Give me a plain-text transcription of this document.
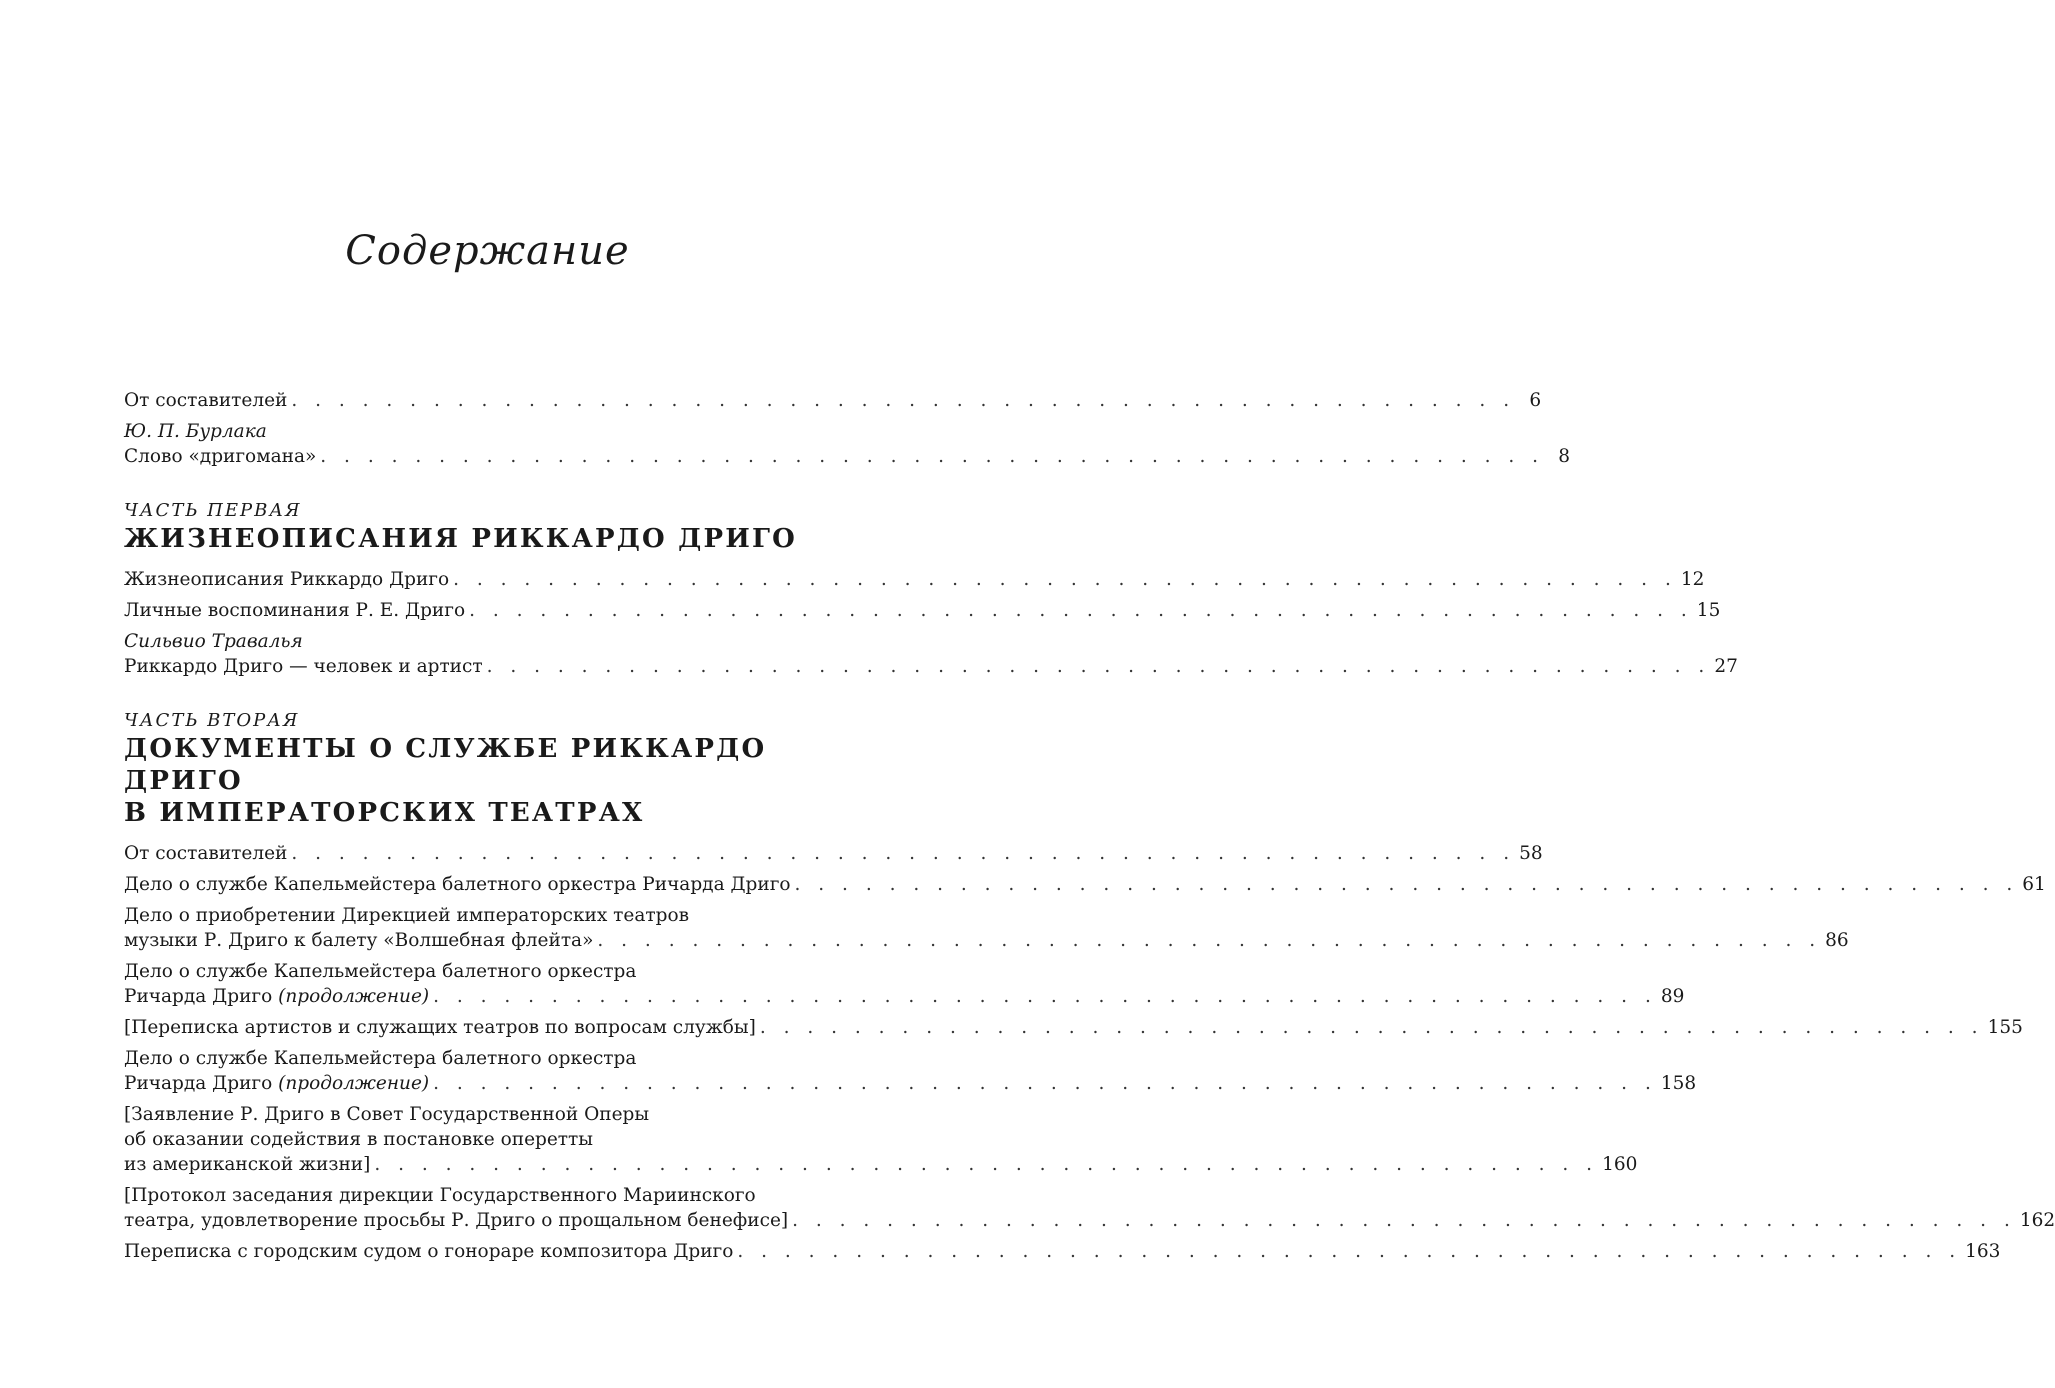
Содержание
От составителей . . . . . . . . . . . . . . . . . . . . . . . . . . . . . . . . . . . . . . . . . . . . . . . . . . . . 6
Ю. П. Бурлака
Слово «дригомана» . . . . . . . . . . . . . . . . . . . . . . . . . . . . . . . . . . . . . . . . . . . . . . . . . . . . 8
ЧАСТЬ ПЕРВАЯ
ЖИЗНЕОПИСАНИЯ РИККАРДО ДРИГО
Жизнеописания Риккардо Дриго . . . . . . . . . . . . . . . . . . . . . . . . . . . . . . . . . . . . . . . . . . . . . . . . . . . . 12
Личные воспоминания Р. Е. Дриго . . . . . . . . . . . . . . . . . . . . . . . . . . . . . . . . . . . . . . . . . . . . . . . . . . . . 15
Сильвио Травалья
Риккардо Дриго — человек и артист . . . . . . . . . . . . . . . . . . . . . . . . . . . . . . . . . . . . . . . . . . . . . . . . . . . . 27
ЧАСТЬ ВТОРАЯ
ДОКУМЕНТЫ О СЛУЖБЕ РИККАРДО ДРИГО
В ИМПЕРАТОРСКИХ ТЕАТРАХ
От составителей . . . . . . . . . . . . . . . . . . . . . . . . . . . . . . . . . . . . . . . . . . . . . . . . . . . . 58
Дело о службе Капельмейстера балетного оркестра Ричарда Дриго . . . . . . . . . . . . . . . . . . . . . . . . . . . . . . . . . . . . . . . . . . . . . . . . . . . . 61
Дело о приобретении Дирекцией императорских театров
музыки Р. Дриго к балету «Волшебная флейта» . . . . . . . . . . . . . . . . . . . . . . . . . . . . . . . . . . . . . . . . . . . . . . . . . . . . 86
Дело о службе Капельмейстера балетного оркестра
Ричарда Дриго (продолжение) . . . . . . . . . . . . . . . . . . . . . . . . . . . . . . . . . . . . . . . . . . . . . . . . . . . . 89
[Переписка артистов и служащих театров по вопросам службы] . . . . . . . . . . . . . . . . . . . . . . . . . . . . . . . . . . . . . . . . . . . . . . . . . . . . 155
Дело о службе Капельмейстера балетного оркестра
Ричарда Дриго (продолжение) . . . . . . . . . . . . . . . . . . . . . . . . . . . . . . . . . . . . . . . . . . . . . . . . . . . . 158
[Заявление Р. Дриго в Совет Государственной Оперы
об оказании содействия в постановке оперетты
из американской жизни] . . . . . . . . . . . . . . . . . . . . . . . . . . . . . . . . . . . . . . . . . . . . . . . . . . . . 160
[Протокол заседания дирекции Государственного Мариинского
театра, удовлетворение просьбы Р. Дриго о прощальном бенефисе] . . . . . . . . . . . . . . . . . . . . . . . . . . . . . . . . . . . . . . . . . . . . . . . . . . . . 162
Переписка с городским судом о гонораре композитора Дриго . . . . . . . . . . . . . . . . . . . . . . . . . . . . . . . . . . . . . . . . . . . . . . . . . . . . 163
